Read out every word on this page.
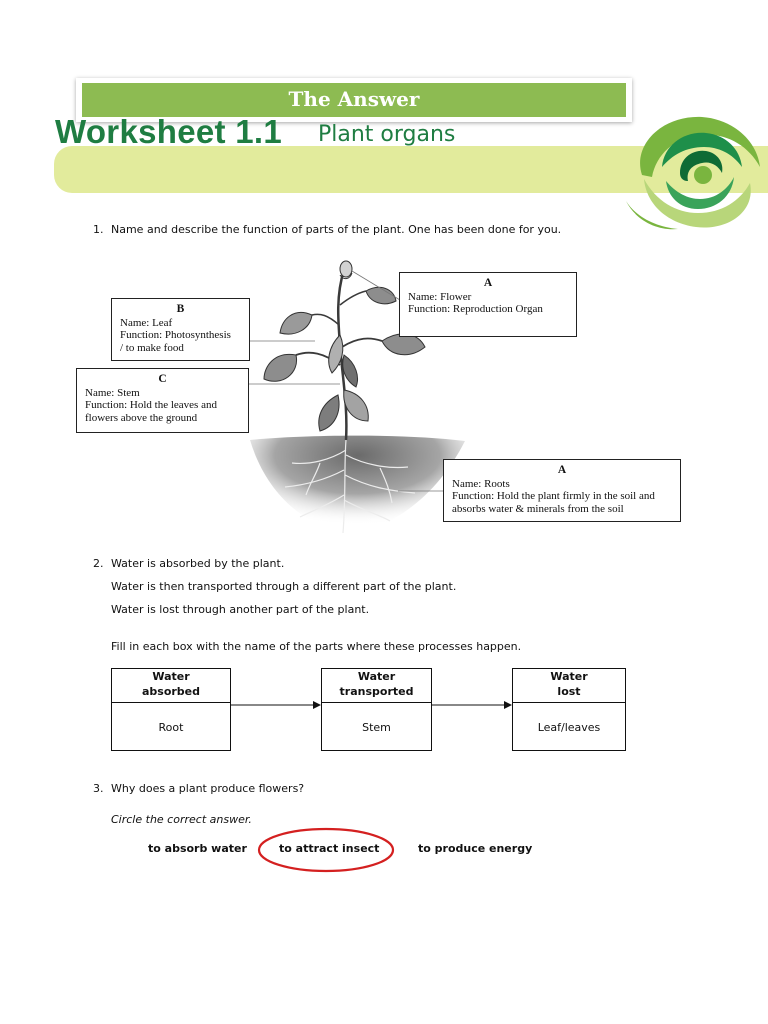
The Answer
Worksheet 1.1 Plant organs
1. Name and describe the function of parts of the plant. One has been done for you.
A
Name: Flower
Function: Reproduction Organ
B
Name: Leaf
Function: Photosynthesis
/ to make food
C
Name: Stem
Function: Hold the leaves and
flowers above the ground
A
Name: Roots
Function: Hold the plant firmly in the soil and
absorbs water & minerals from the soil
2. Water is absorbed by the plant.
Water is then transported through a different part of the plant.
Water is lost through another part of the plant.
Fill in each box with the name of the parts where these processes happen.
Water
absorbed
Root
Water
transported
Stem
Water
lost
Leaf/leaves
3. Why does a plant produce flowers?
Circle the correct answer.
to absorb water	to attract insect	to produce energy
